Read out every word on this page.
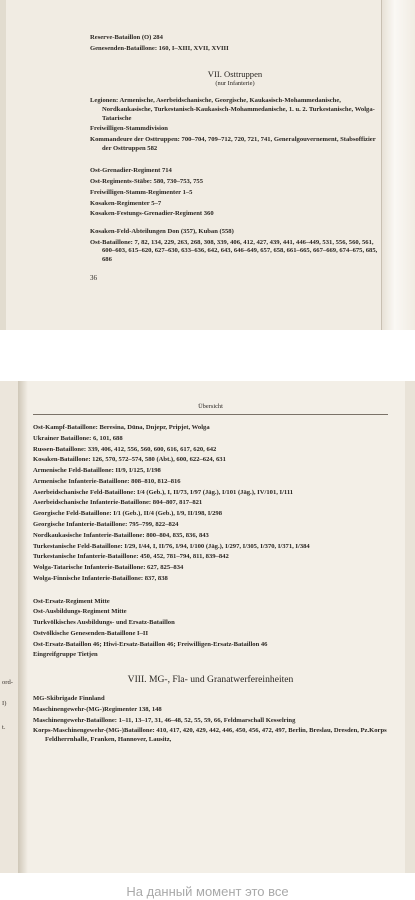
Reserve-Bataillon (O) 284
Genesenden-Bataillone: 160, I–XIII, XVII, XVIII
VII. Osttruppen
(nur Infanterie)
Legionen: Armenische, Aserbeidschanische, Georgische, Kaukasisch-Mohammedanische, Nordkaukasische, Turkestanisch-Kaukasisch-Mohammedanische, 1. u. 2. Turkestanische, Wolga-Tatarische
Freiwilligen-Stammdivision
Kommandeure der Osttruppen: 700–704, 709–712, 720, 721, 741, Generalgouvernement, Stabsoffizier der Osttruppen 582
Ost-Grenadier-Regiment 714
Ost-Regiments-Stäbe: 580, 730–753, 755
Freiwilligen-Stamm-Regimenter 1–5
Kosaken-Regimenter 5–7
Kosaken-Festungs-Grenadier-Regiment 360
Kosaken-Feld-Abteilungen Don (357), Kuban (558)
Ost-Bataillone: 7, 82, 134, 229, 263, 268, 308, 339, 406, 412, 427, 439, 441, 446–449, 531, 556, 560, 561, 600–603, 615–620, 627–630, 633–636, 642, 643, 646–649, 657, 658, 661–665, 667–669, 674–675, 685, 686
36
ord-
I)
t.
Übersicht
Ost-Kampf-Bataillone: Beresina, Düna, Dnjepr, Pripjet, Wolga
Ukrainer Bataillone: 6, 101, 688
Russen-Bataillone: 339, 406, 412, 556, 560, 600, 616, 617, 620, 642
Kosaken-Bataillone: 126, 570, 572–574, 580 (Abt.), 600, 622–624, 631
Armenische Feld-Bataillone: II/9, I/125, I/198
Armenische Infanterie-Bataillone: 808–810, 812–816
Aserbeidschanische Feld-Bataillone: I/4 (Geb.), I, II/73, I/97 (Jäg.), I/101 (Jäg.), IV/101, I/111
Aserbeidschanische Infanterie-Bataillone: 804–807, 817–821
Georgische Feld-Bataillone: I/1 (Geb.), II/4 (Geb.), I/9, II/198, I/298
Georgische Infanterie-Bataillone: 795–799, 822–824
Nordkaukasische Infanterie-Bataillone: 800–804, 835, 836, 843
Turkestanische Feld-Bataillone: I/29, I/44, I, II/76, I/94, I/100 (Jäg.), I/297, I/305, I/370, I/371, I/384
Turkestanische Infanterie-Bataillone: 450, 452, 781–794, 811, 839–842
Wolga-Tatarische Infanterie-Bataillone: 627, 825–834
Wolga-Finnische Infanterie-Bataillone: 837, 838
Ost-Ersatz-Regiment Mitte
Ost-Ausbildungs-Regiment Mitte
Turkvölkisches Ausbildungs- und Ersatz-Bataillon
Ostvölkische Genesenden-Bataillone I–II
Ost-Ersatz-Bataillon 46; Hiwi-Ersatz-Bataillon 46; Freiwilligen-Ersatz-Bataillon 46
Eingreifgruppe Tietjen
VIII. MG-, Fla- und Granatwerfereinheiten
MG-Skibrigade Finnland
Maschinengewehr-(MG-)Regimenter 138, 148
Maschinengewehr-Bataillone: 1–11, 13–17, 31, 46–48, 52, 55, 59, 66, Feldmarschall Kesselring
Korps-Maschinengewehr-(MG-)Bataillone: 410, 417, 420, 429, 442, 446, 450, 456, 472, 497, Berlin, Breslau, Dresden, Pz.Korps Feldherrnhalle, Franken, Hannover, Lausitz,
На данный момент это все
